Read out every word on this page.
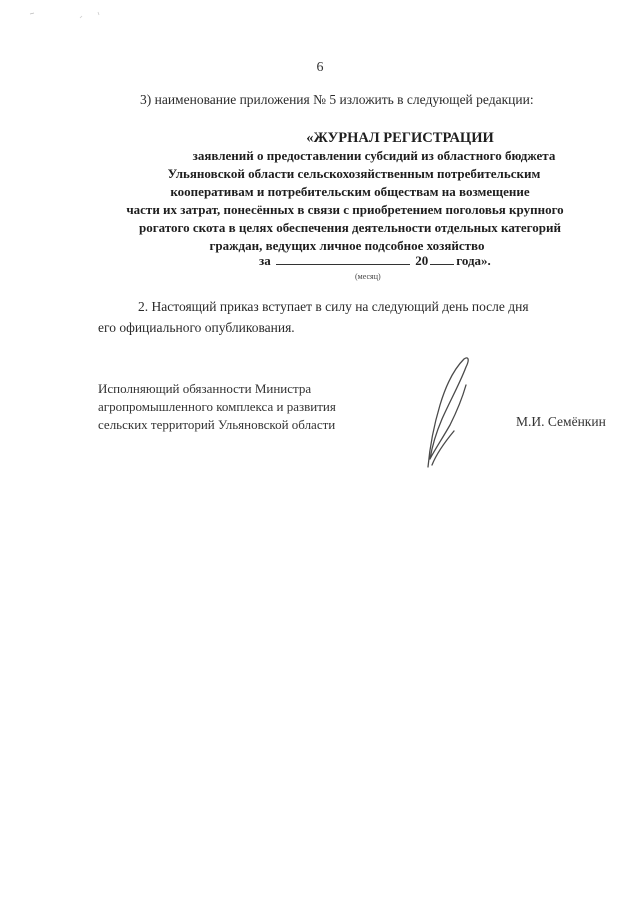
6
3) наименование приложения № 5 изложить в следующей редакции:
«ЖУРНАЛ РЕГИСТРАЦИИ
заявлений о предоставлении субсидий из областного бюджета
Ульяновской области сельскохозяйственным потребительским
кооперативам и потребительским обществам на возмещение
части их затрат, понесённых в связи с приобретением поголовья крупного
рогатого скота в целях обеспечения деятельности отдельных категорий
граждан, ведущих личное подсобное хозяйство
за	20 года».
(месяц)
2. Настоящий приказ вступает в силу на следующий день после дня
его официального опубликования.
Исполняющий обязанности Министра
агропромышленного комплекса и развития
сельских территорий Ульяновской области	М.И. Семёнкин
